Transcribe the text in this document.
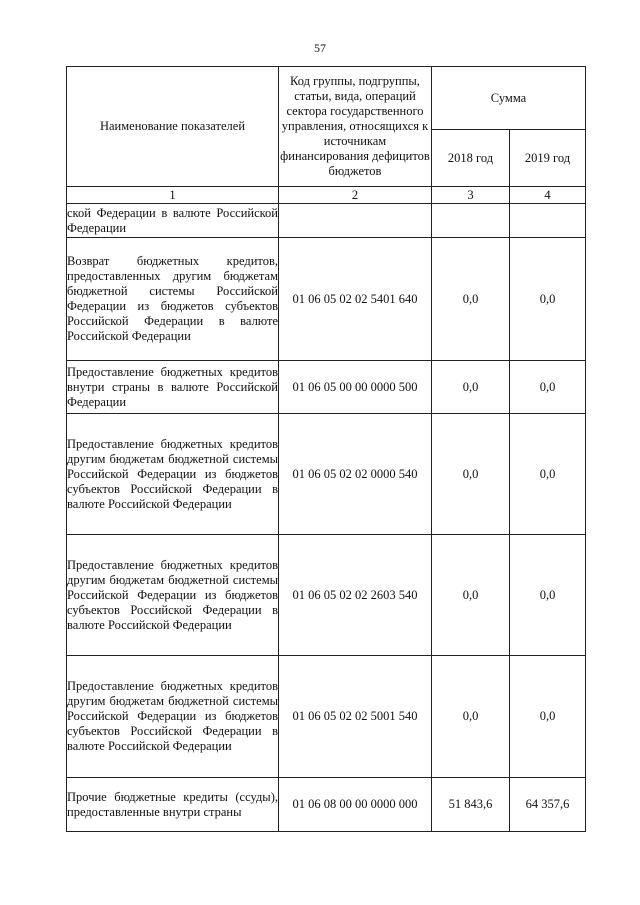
57
Наименование показателей	Код группы, подгруппы, статьи, вида, операций сектора государственного управления, относящихся к источникам финансирования дефицитов бюджетов	Сумма	
		2018 год	2019 год
1	2	3	4
ской Федерации в валюте Российской Федерации			
Возврат бюджетных кредитов, предоставленных другим бюджетам бюджетной системы Российской Федерации из бюджетов субъектов Российской Федерации в валюте Российской Федерации	01 06 05 02 02 5401 640	0,0	0,0
Предоставление бюджетных кредитов внутри страны в валюте Российской Федерации	01 06 05 00 00 0000 500	0,0	0,0
Предоставление бюджетных кредитов другим бюджетам бюджетной системы Российской Федерации из бюджетов субъектов Российской Федерации в валюте Российской Федерации	01 06 05 02 02 0000 540	0,0	0,0
Предоставление бюджетных кредитов другим бюджетам бюджетной системы Российской Федерации из бюджетов субъектов Российской Федерации в валюте Российской Федерации	01 06 05 02 02 2603 540	0,0	0,0
Предоставление бюджетных кредитов другим бюджетам бюджетной системы Российской Федерации из бюджетов субъектов Российской Федерации в валюте Российской Федерации	01 06 05 02 02 5001 540	0,0	0,0
Прочие бюджетные кредиты (ссуды), предоставленные внутри страны	01 06 08 00 00 0000 000	51 843,6	64 357,6
